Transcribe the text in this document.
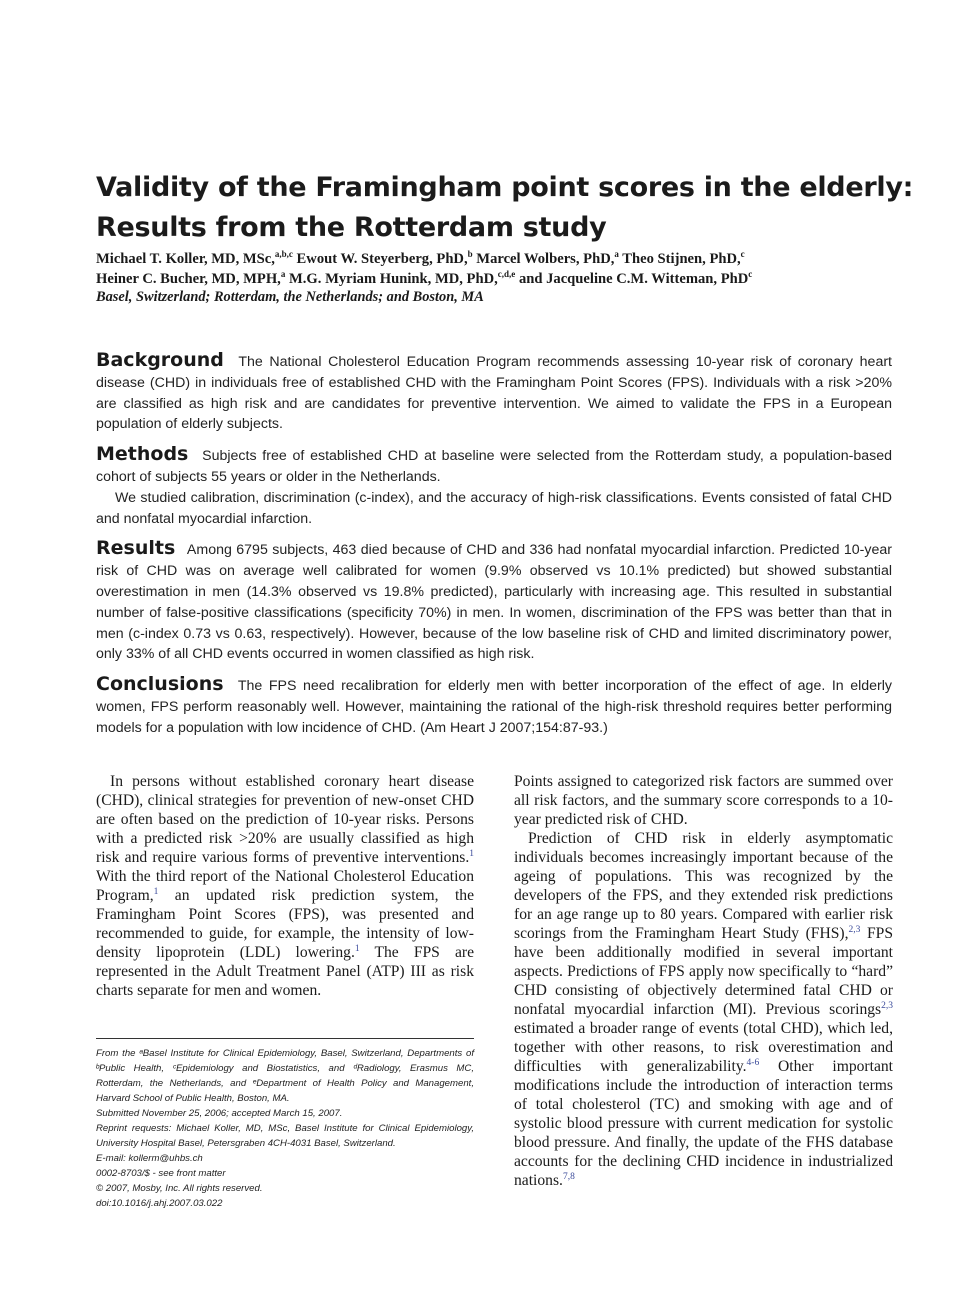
Validity of the Framingham point scores in the elderly:
Results from the Rotterdam study

Michael T. Koller, MD, MSc,$^{a,b,c}$ Ewout W. Steyerberg, PhD,$^b$ Marcel Wolbers, PhD,$^a$ Theo Stijnen, PhD,$^c$
Heiner C. Bucher, MD, MPH,$^a$ M.G. Myriam Hunink, MD, PhD,$^{c,d,e}$ and Jacqueline C.M. Witteman, PhD$^c$

Basel, Switzerland; Rotterdam, the Netherlands; and Boston, MA

Background The National Cholesterol Education Program recommends assessing 10-year risk of coronary heart disease (CHD) in individuals free of established CHD with the Framingham Point Scores (FPS). Individuals with a risk >20% are classified as high risk and are candidates for preventive intervention. We aimed to validate the FPS in a European population of elderly subjects.

Methods Subjects free of established CHD at baseline were selected from the Rotterdam study, a population-based cohort of subjects 55 years or older in the Netherlands.

We studied calibration, discrimination (c-index), and the accuracy of high-risk classifications. Events consisted of fatal CHD and nonfatal myocardial infarction.

Results Among 6795 subjects, 463 died because of CHD and 336 had nonfatal myocardial infarction. Predicted 10-year risk of CHD was on average well calibrated for women (9.9% observed vs 10.1% predicted) but showed substantial overestimation in men (14.3% observed vs 19.8% predicted), particularly with increasing age. This resulted in substantial number of false-positive classifications (specificity 70%) in men. In women, discrimination of the FPS was better than that in men (c-index 0.73 vs 0.63, respectively). However, because of the low baseline risk of CHD and limited discriminatory power, only 33% of all CHD events occurred in women classified as high risk.

Conclusions The FPS need recalibration for elderly men with better incorporation of the effect of age. In elderly women, FPS perform reasonably well. However, maintaining the rational of the high-risk threshold requires better performing models for a population with low incidence of CHD. (Am Heart J 2007;154:87-93.)

In persons without established coronary heart disease (CHD), clinical strategies for prevention of new-onset CHD are often based on the prediction of 10-year risks. Persons with a predicted risk >20% are usually classified as high risk and require various forms of preventive interventions.$^1$ With the third report of the National Cholesterol Education Program,$^1$ an updated risk prediction system, the Framingham Point Scores (FPS), was presented and recommended to guide, for example, the intensity of low-density lipoprotein (LDL) lowering.$^1$ The FPS are represented in the Adult Treatment Panel (ATP) III as risk charts separate for men and women.

Points assigned to categorized risk factors are summed over all risk factors, and the summary score corresponds to a 10-year predicted risk of CHD.

Prediction of CHD risk in elderly asymptomatic individuals becomes increasingly important because of the ageing of populations. This was recognized by the developers of the FPS, and they extended risk predictions for an age range up to 80 years. Compared with earlier risk scorings from the Framingham Heart Study (FHS),$^{2,3}$ FPS have been additionally modified in several important aspects. Predictions of FPS apply now specifically to “hard” CHD consisting of objectively determined fatal CHD or nonfatal myocardial infarction (MI). Previous scorings$^{2,3}$ estimated a broader range of events (total CHD), which led, together with other reasons, to risk overestimation and difficulties with generalizability.$^{4-6}$ Other important modifications include the introduction of interaction terms of total cholesterol (TC) and smoking with age and of systolic blood pressure with current medication for systolic blood pressure. And finally, the update of the FHS database accounts for the declining CHD incidence in industrialized nations.$^{7,8}$

From the ᵃBasel Institute for Clinical Epidemiology, Basel, Switzerland, Departments of ᵇPublic Health, ᶜEpidemiology and Biostatistics, and ᵈRadiology, Erasmus MC, Rotterdam, the Netherlands, and ᵉDepartment of Health Policy and Management, Harvard School of Public Health, Boston, MA.

Submitted November 25, 2006; accepted March 15, 2007.

Reprint requests: Michael Koller, MD, MSc, Basel Institute for Clinical Epidemiology, University Hospital Basel, Petersgraben 4CH-4031 Basel, Switzerland.

E-mail: kollerm@uhbs.ch

0002-8703/$ - see front matter

© 2007, Mosby, Inc. All rights reserved.

doi:10.1016/j.ahj.2007.03.022
